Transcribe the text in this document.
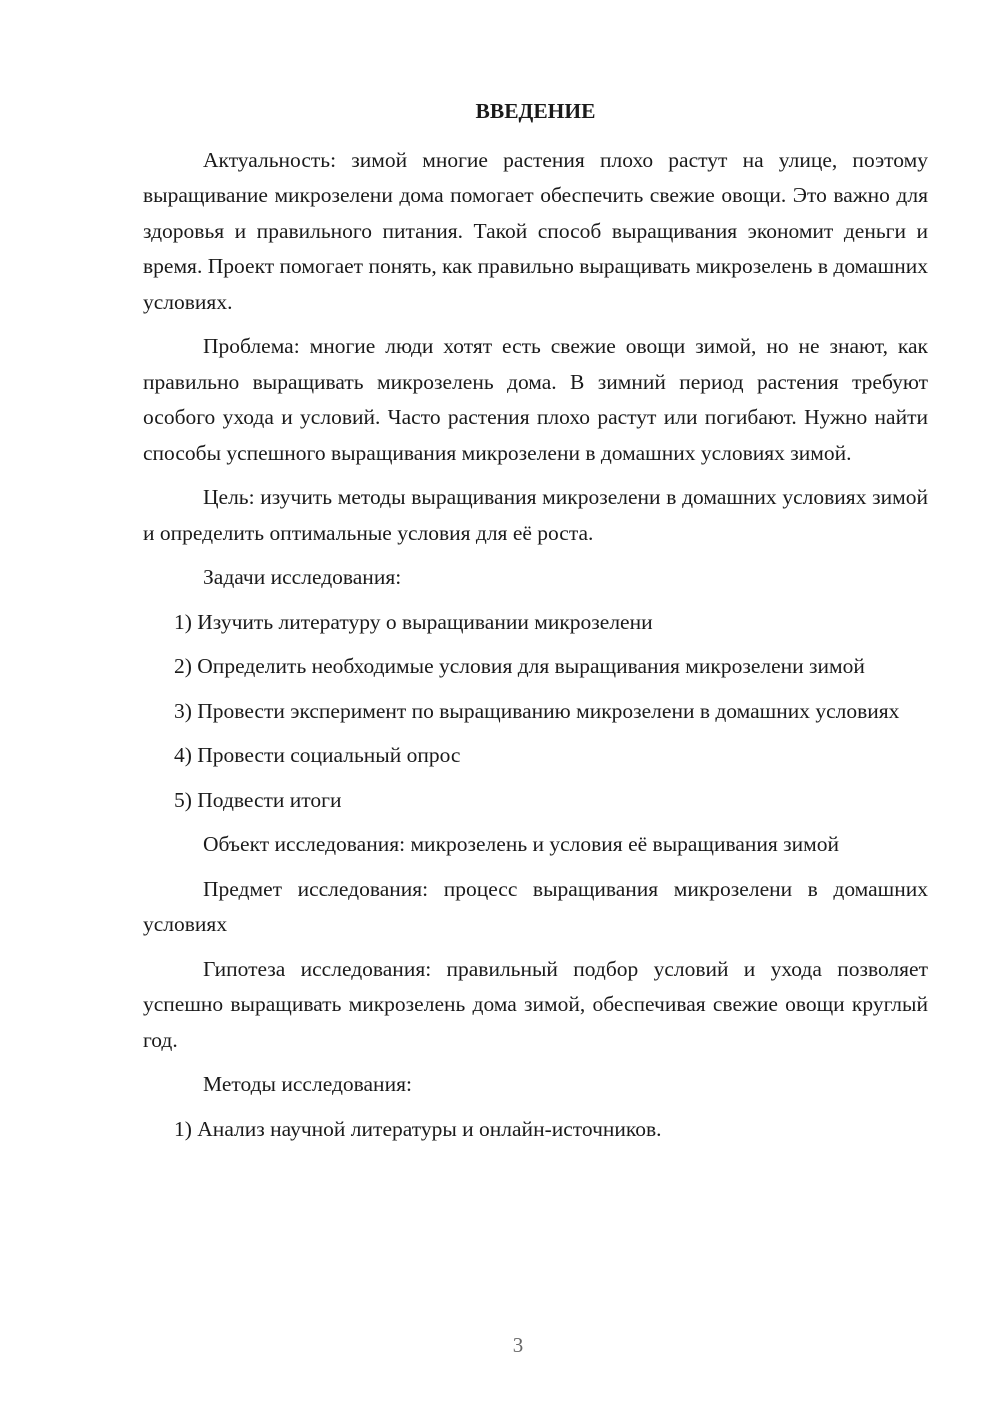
ВВЕДЕНИЕ

Актуальность: зимой многие растения плохо растут на улице, поэтому выращивание микрозелени дома помогает обеспечить свежие овощи. Это важно для здоровья и правильного питания. Такой способ выращивания экономит деньги и время. Проект помогает понять, как правильно выращивать микрозелень в домашних условиях.

Проблема: многие люди хотят есть свежие овощи зимой, но не знают, как правильно выращивать микрозелень дома. В зимний период растения требуют особого ухода и условий. Часто растения плохо растут или погибают. Нужно найти способы успешного выращивания микрозелени в домашних условиях зимой.

Цель: изучить методы выращивания микрозелени в домашних условиях зимой и определить оптимальные условия для её роста.

Задачи исследования:

1) Изучить литературу о выращивании микрозелени

2) Определить необходимые условия для выращивания микрозелени зимой

3) Провести эксперимент по выращиванию микрозелени в домашних условиях

4) Провести социальный опрос

5) Подвести итоги

Объект исследования: микрозелень и условия её выращивания зимой

Предмет исследования: процесс выращивания микрозелени в домашних условиях

Гипотеза исследования: правильный подбор условий и ухода позволяет успешно выращивать микрозелень дома зимой, обеспечивая свежие овощи круглый год.

Методы исследования:

1) Анализ научной литературы и онлайн-источников.

3
